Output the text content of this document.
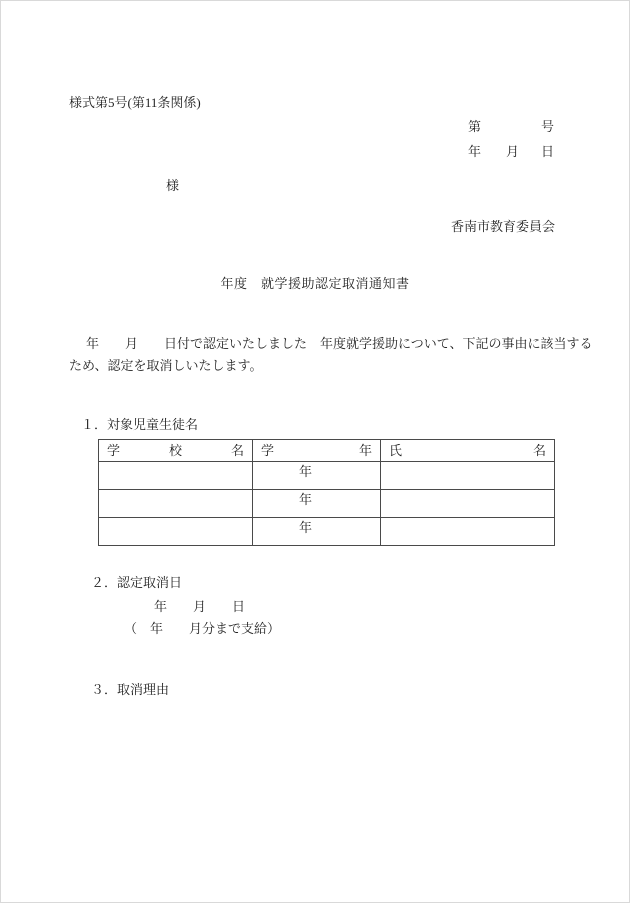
様式第5号(第11条関係)
第	号
年 月 日
様
香南市教育委員会
年度　就学援助認定取消通知書
年　　月　　日付で認定いたしました　年度就学援助について、下記の事由に該当する
ため、認定を取消しいたします。
１．対象児童生徒名
学 校 名	学 年	氏 名

	年	
	年	
	年	
２．認定取消日
年　　月　　日
（　年　　月分まで支給）
３．取消理由
